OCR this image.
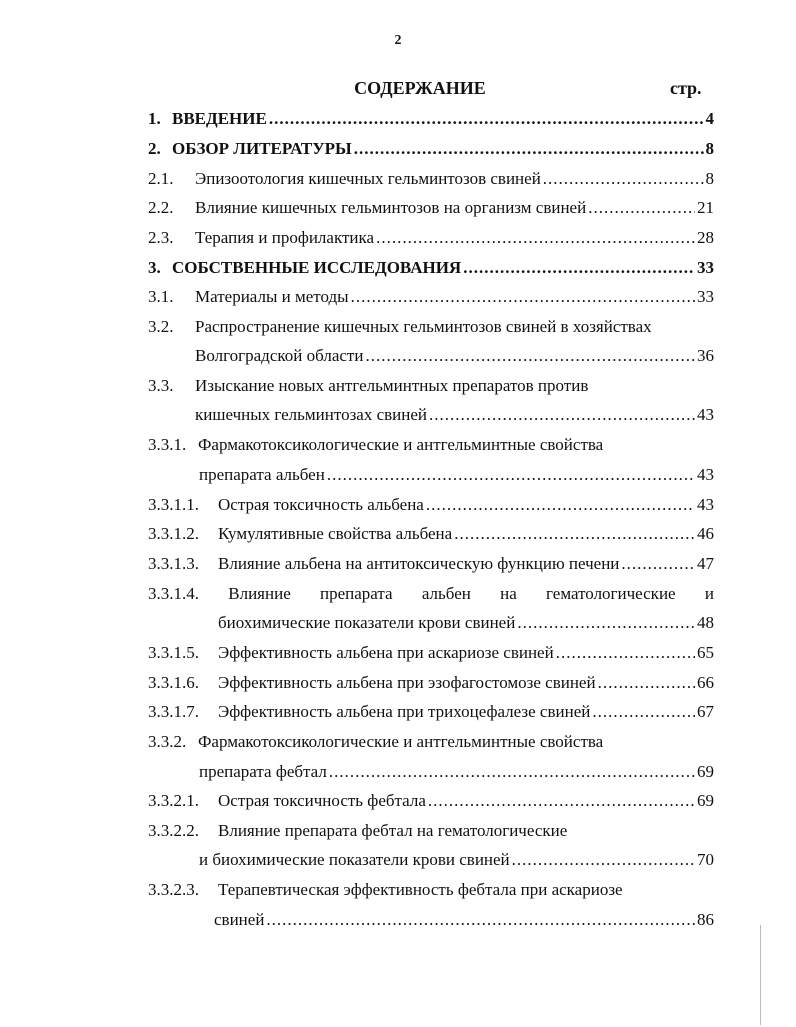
2
СОДЕРЖАНИЕ	стр.
1. ВВЕДЕНИЕ .....	4
2. ОБЗОР ЛИТЕРАТУРЫ .....	8
2.1.	Эпизоотология кишечных гельминтозов свиней .....	8
2.2.	Влияние кишечных гельминтозов на организм свиней .....	21
2.3.	Терапия и профилактика .....	28
3. СОБСТВЕННЫЕ ИССЛЕДОВАНИЯ .....	33
3.1.	Материалы и методы .....	33
3.2.	Распространение кишечных гельминтозов свиней в хозяйствах
Волгоградской области .....	36
3.3.	Изыскание новых антгельминтных препаратов против
кишечных гельминтозах свиней .....	43
3.3.1. Фармакотоксикологические и антгельминтные свойства
препарата альбен .....	43
3.3.1.1.	Острая токсичность альбена .....	43
3.3.1.2.	Кумулятивные свойства альбена .....	46
3.3.1.3.	Влияние альбена на антитоксическую функцию печени .....	47
3.3.1.4. Влияние препарата альбен на гематологические и
биохимические показатели крови свиней .....	48
3.3.1.5.	Эффективность альбена при аскариозе свиней .....	65
3.3.1.6.	Эффективность альбена при эзофагостомозе свиней .....	66
3.3.1.7.	Эффективность альбена при трихоцефалезе свиней .....	67
3.3.2. Фармакотоксикологические и антгельминтные свойства
препарата фебтал .....	69
3.3.2.1.	Острая токсичность фебтала .....	69
3.3.2.2.	Влияние препарата фебтал на гематологические
и биохимические показатели крови свиней .....	70
3.3.2.3.	Терапевтическая эффективность фебтала при аскариозе
свиней .....	86
